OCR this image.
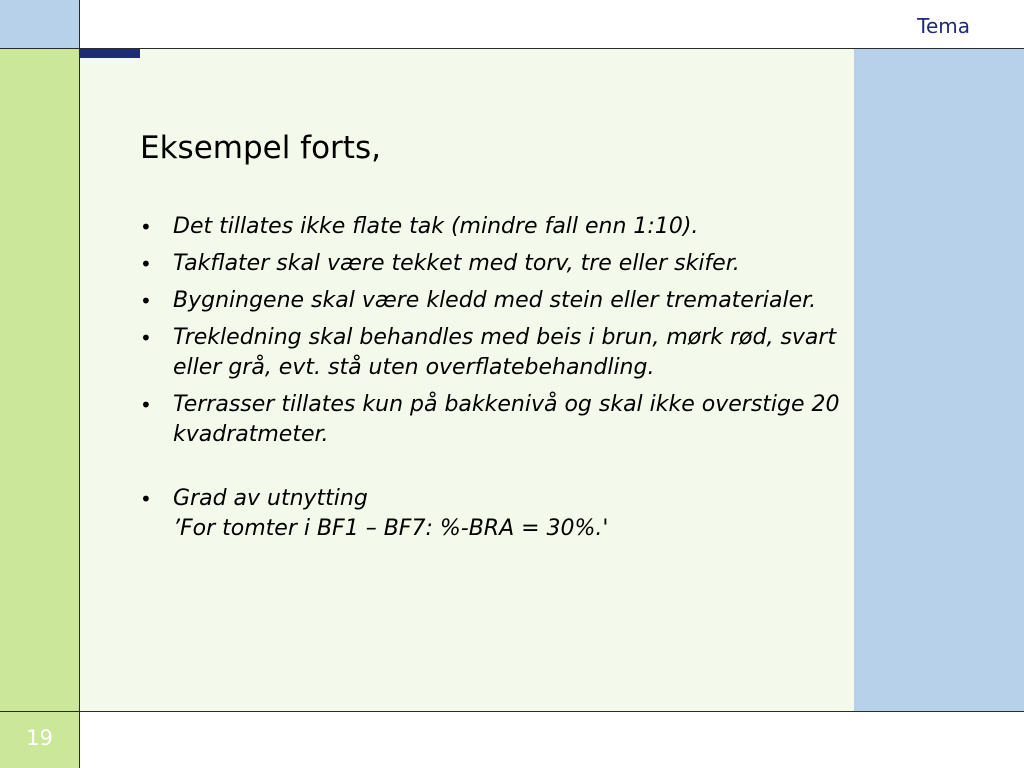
Tema
19
Eksempel forts,
• Det tillates ikke flate tak (mindre fall enn 1:10).
• Takflater skal være tekket med torv, tre eller skifer.
• Bygningene skal være kledd med stein eller trematerialer.
• Trekledning skal behandles med beis i brun, mørk rød, svart eller grå, evt. stå uten overflatebehandling.
• Terrasser tillates kun på bakkenivå og skal ikke overstige 20 kvadratmeter.
• Grad av utnytting
’For tomter i BF1 – BF7: %-BRA = 30%.'
